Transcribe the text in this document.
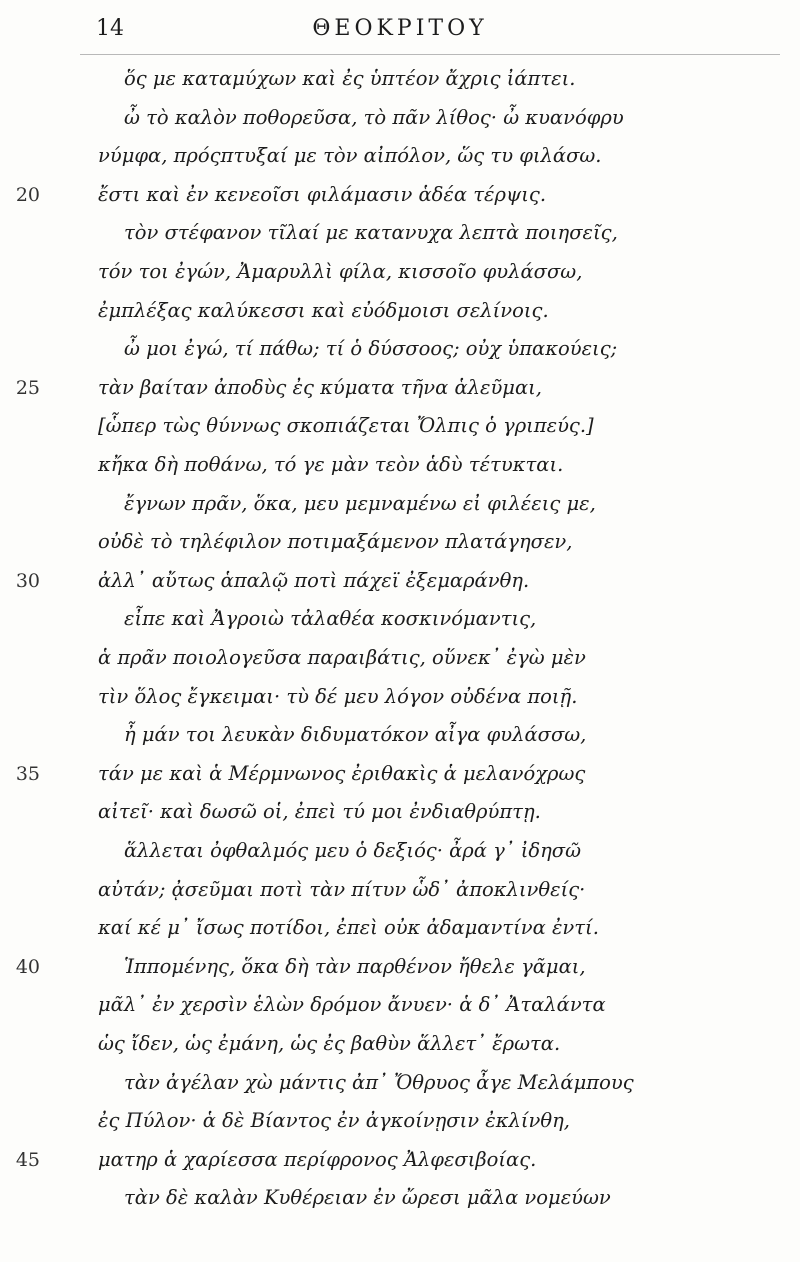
14	ΘΕΟΚΡΙΤΟΥ
ὅς με καταμύχων καὶ ἐς ὑπτέον ἄχρις ἰάπτει.
ὦ τὸ καλὸν ποθορεῦσα, τὸ πᾶν λίθος· ὦ κυανόφρυ
νύμφα, πρόςπτυξαί με τὸν αἰπόλον, ὥς τυ φιλάσω.
20	ἔστι καὶ ἐν κενεοῖσι φιλάμασιν ἁδέα τέρψις.
τὸν στέφανον τῖλαί με κατανυχα λεπτὰ ποιησεῖς,
τόν τοι ἐγών, Ἀμαρυλλὶ φίλα, κισσοῖο φυλάσσω,
ἐμπλέξας καλύκεσσι καὶ εὐόδμοισι σελίνοις.
ὦ μοι ἐγώ, τί πάθω; τί ὁ δύσσοος; οὐχ ὑπακούεις;
25	τὰν βαίταν ἀποδὺς ἐς κύματα τῆνα ἁλεῦμαι,
[ὧπερ τὼς θύννως σκοπιάζεται Ὄλπις ὁ γριπεύς.]
κἤκα δὴ ποθάνω, τό γε μὰν τεὸν ἁδὺ τέτυκται.
ἔγνων πρᾶν, ὅκα, μευ μεμναμένω εἰ φιλέεις με,
οὐδὲ τὸ τηλέφιλον ποτιμαξάμενον πλατάγησεν,
30	ἀλλ᾿ αὔτως ἁπαλῷ ποτὶ πάχεϊ ἐξεμαράνθη.
εἶπε καὶ Ἀγροιὼ τἀλαθέα κοσκινόμαντις,
ἁ πρᾶν ποιολογεῦσα παραιβάτις, οὕνεκ᾿ ἐγὼ μὲν
τὶν ὅλος ἔγκειμαι· τὺ δέ μευ λόγον οὐδένα ποιῇ.
ἦ μάν τοι λευκὰν διδυματόκον αἶγα φυλάσσω,
35	τάν με καὶ ἁ Μέρμνωνος ἐριθακὶς ἁ μελανόχρως
αἰτεῖ· καὶ δωσῶ οἱ, ἐπεὶ τύ μοι ἐνδιαθρύπτῃ.
ἅλλεται ὀφθαλμός μευ ὁ δεξιός· ἆρά γ᾿ ἰδησῶ
αὐτάν; ᾀσεῦμαι ποτὶ τὰν πίτυν ὧδ᾿ ἀποκλινθείς·
καί κέ μ᾿ ἴσως ποτίδοι, ἐπεὶ οὐκ ἀδαμαντίνα ἐντί.
40	Ἱππομένης, ὅκα δὴ τὰν παρθένον ἤθελε γᾶμαι,
μᾶλ᾿ ἐν χερσὶν ἑλὼν δρόμον ἄνυεν· ἁ δ᾿ Ἀταλάντα
ὡς ἴδεν, ὡς ἐμάνη, ὡς ἐς βαθὺν ἅλλετ᾿ ἔρωτα.
τὰν ἀγέλαν χὼ μάντις ἀπ᾿ Ὄθρυος ἆγε Μελάμπους
ἐς Πύλον· ἁ δὲ Βίαντος ἐν ἀγκοίνῃσιν ἐκλίνθη,
45	ματηρ ἁ χαρίεσσα περίφρονος Ἀλφεσιβοίας.
τὰν δὲ καλὰν Κυθέρειαν ἐν ὤρεσι μᾶλα νομεύων
